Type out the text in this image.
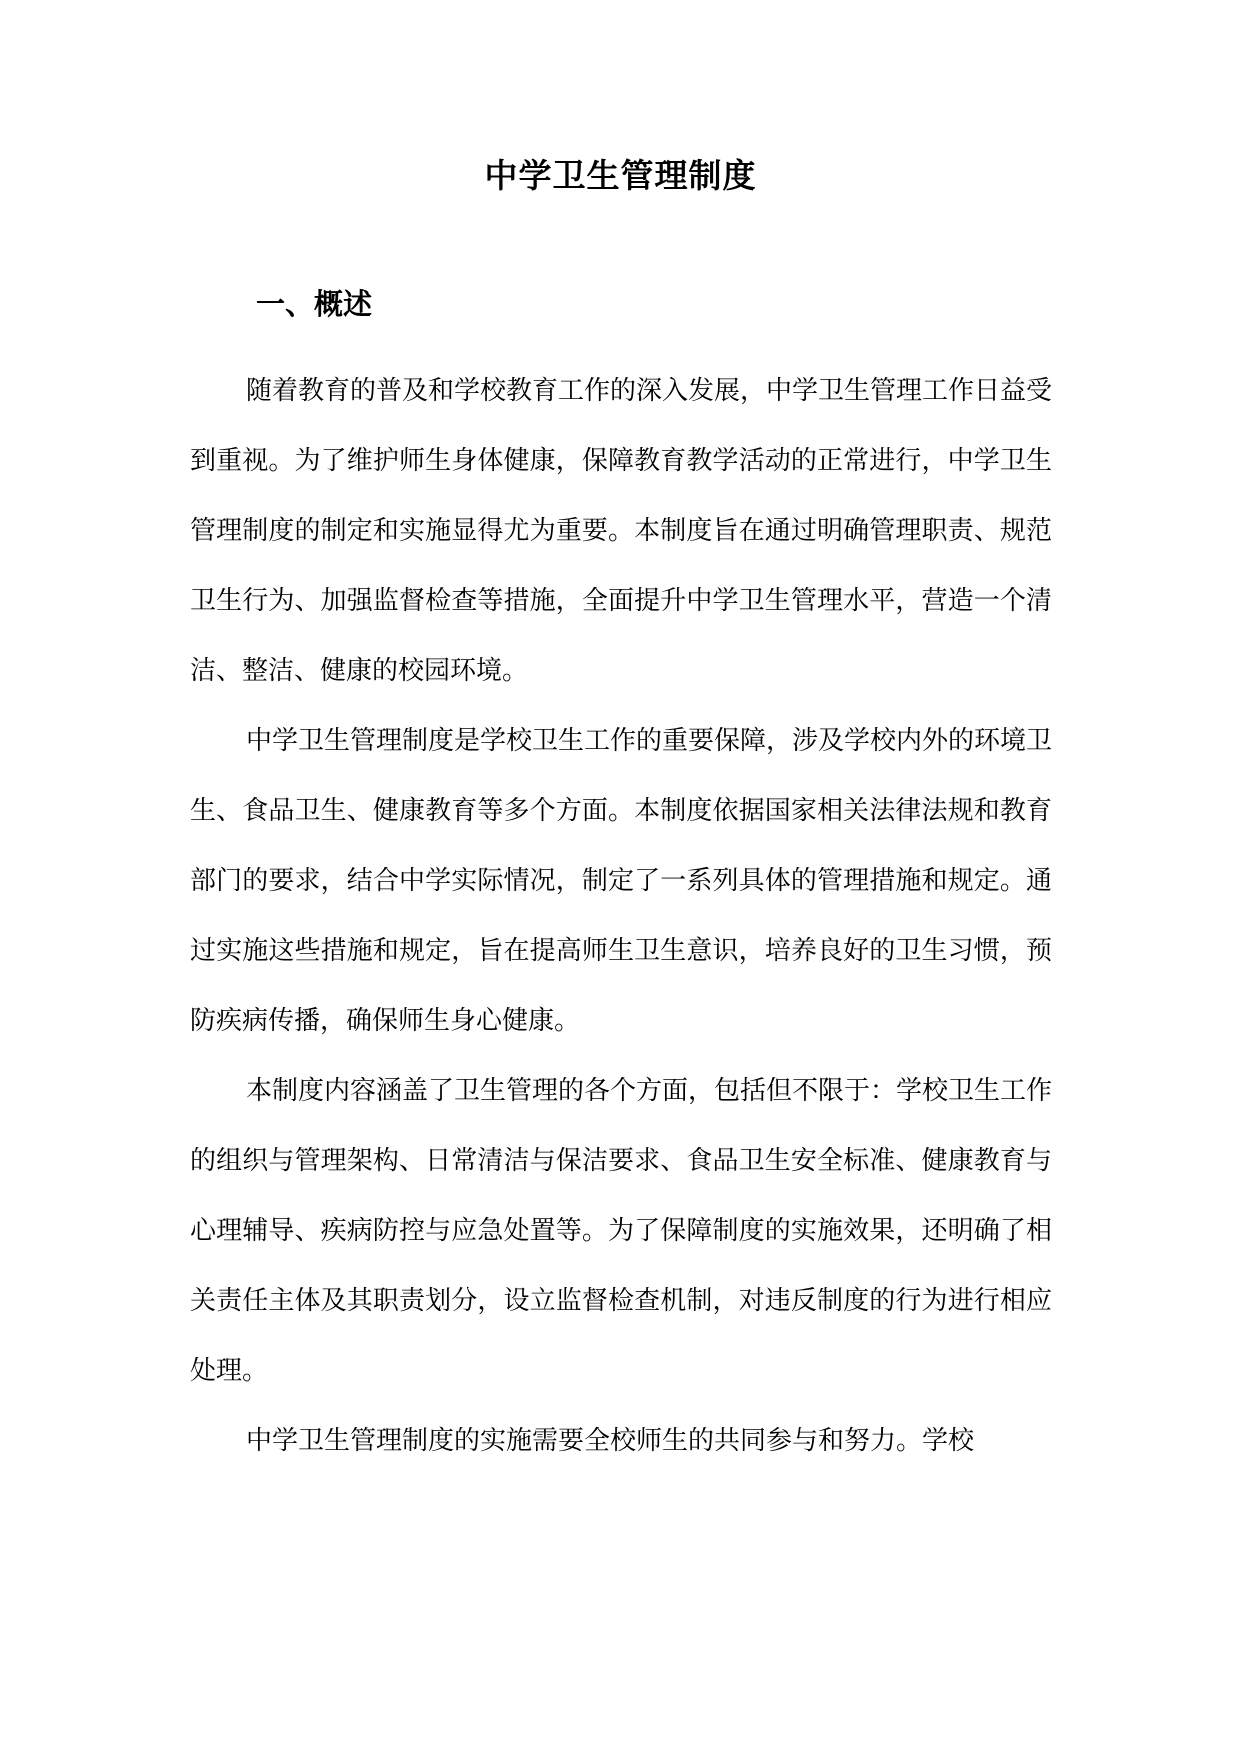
中学卫生管理制度
一、概述

随着教育的普及和学校教育工作的深入发展，中学卫生管理工作日益受到重视。为了维护师生身体健康，保障教育教学活动的正常进行，中学卫生管理制度的制定和实施显得尤为重要。本制度旨在通过明确管理职责、规范卫生行为、加强监督检查等措施，全面提升中学卫生管理水平，营造一个清洁、整洁、健康的校园环境。

中学卫生管理制度是学校卫生工作的重要保障，涉及学校内外的环境卫生、食品卫生、健康教育等多个方面。本制度依据国家相关法律法规和教育部门的要求，结合中学实际情况，制定了一系列具体的管理措施和规定。通过实施这些措施和规定，旨在提高师生卫生意识，培养良好的卫生习惯，预防疾病传播，确保师生身心健康。

本制度内容涵盖了卫生管理的各个方面，包括但不限于：学校卫生工作的组织与管理架构、日常清洁与保洁要求、食品卫生安全标准、健康教育与心理辅导、疾病防控与应急处置等。为了保障制度的实施效果，还明确了相关责任主体及其职责划分，设立监督检查机制，对违反制度的行为进行相应处理。

中学卫生管理制度的实施需要全校师生的共同参与和努力。学校
